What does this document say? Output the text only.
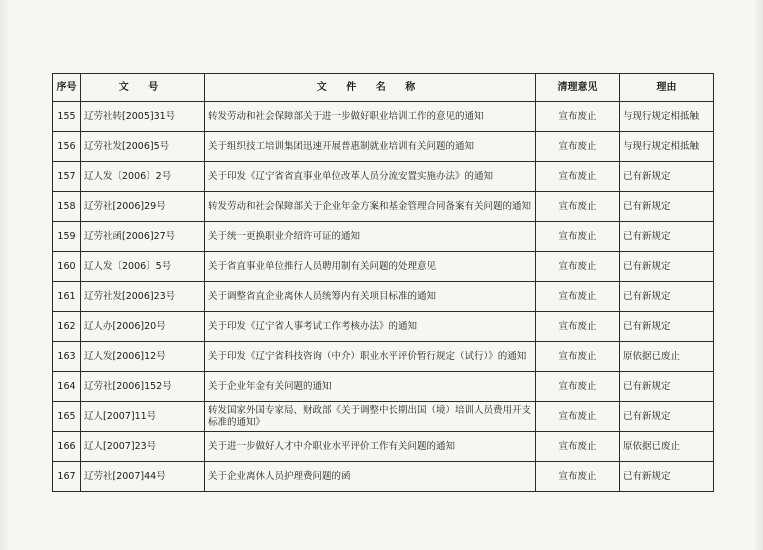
序号	文 号	文 件 名 称	清理意见	理由
155	辽劳社转[2005]31号	转发劳动和社会保障部关于进一步做好职业培训工作的意见的通知	宣布废止	与现行规定相抵触
156	辽劳社发[2006]5号	关于组织技工培训集团迅速开展普惠制就业培训有关问题的通知	宣布废止	与现行规定相抵触
157	辽人发〔2006〕2号	关于印发《辽宁省省直事业单位改革人员分流安置实施办法》的通知	宣布废止	已有新规定
158	辽劳社[2006]29号	转发劳动和社会保障部关于企业年金方案和基金管理合同备案有关问题的通知	宣布废止	已有新规定
159	辽劳社函[2006]27号	关于统一更换职业介绍许可证的通知	宣布废止	已有新规定
160	辽人发〔2006〕5号	关于省直事业单位推行人员聘用制有关问题的处理意见	宣布废止	已有新规定
161	辽劳社发[2006]23号	关于调整省直企业离休人员统筹内有关项目标准的通知	宣布废止	已有新规定
162	辽人办[2006]20号	关于印发《辽宁省人事考试工作考核办法》的通知	宣布废止	已有新规定
163	辽人发[2006]12号	关于印发《辽宁省科技咨询（中介）职业水平评价暂行规定（试行）》的通知	宣布废止	原依据已废止
164	辽劳社[2006]152号	关于企业年金有关问题的通知	宣布废止	已有新规定
165	辽人[2007]11号	转发国家外国专家局、财政部《关于调整中长期出国（境）培训人员费用开支标准的通知》	宣布废止	已有新规定
166	辽人[2007]23号	关于进一步做好人才中介职业水平评价工作有关问题的通知	宣布废止	原依据已废止
167	辽劳社[2007]44号	关于企业离休人员护理费问题的函	宣布废止	已有新规定
